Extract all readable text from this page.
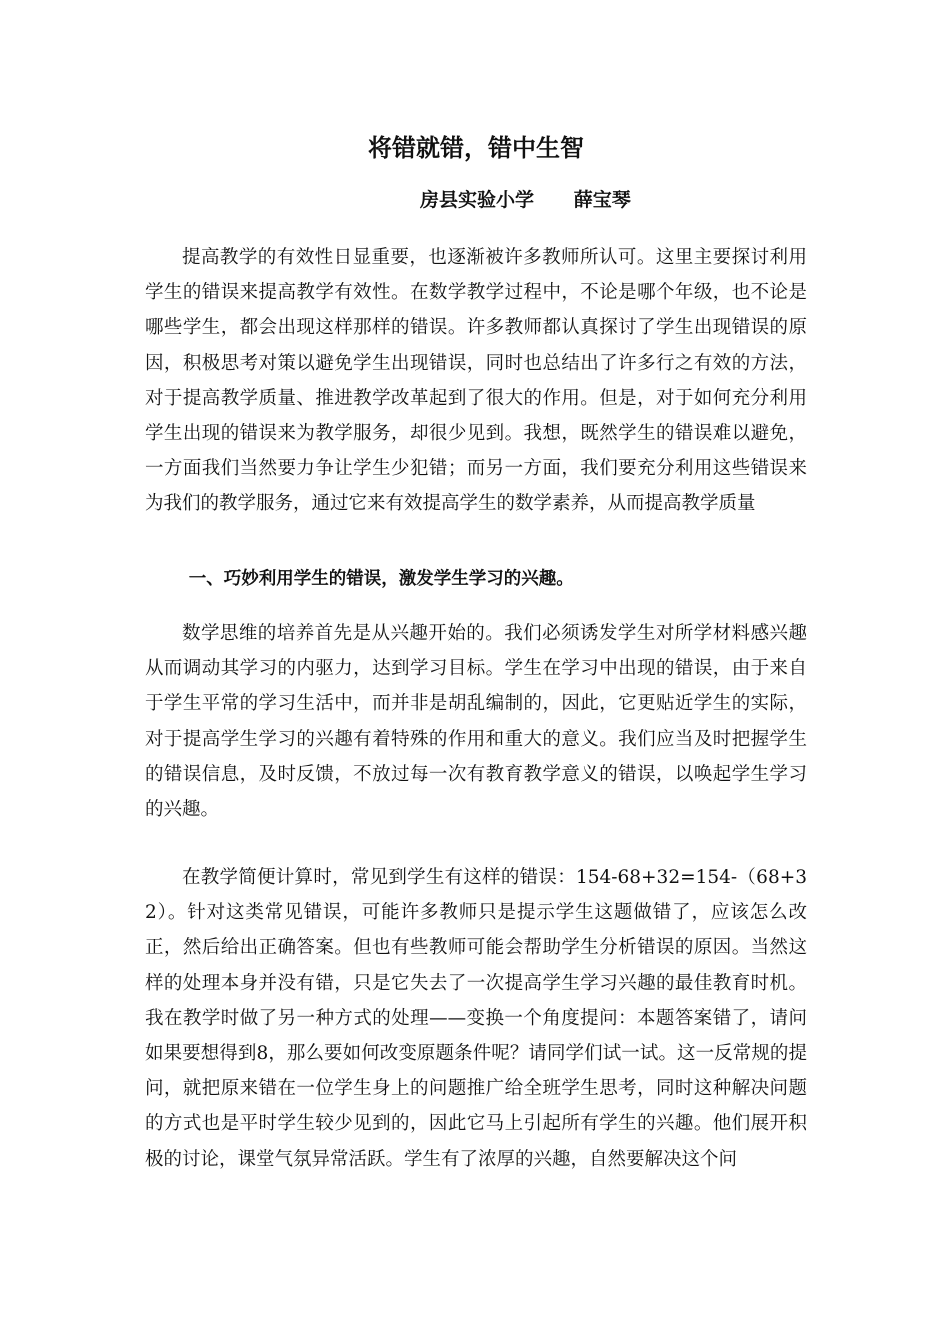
将错就错，错中生智

房县实验小学      薛宝琴

提高教学的有效性日显重要，也逐渐被许多教师所认可。这里主要探讨利用学生的错误来提高教学有效性。在数学教学过程中，不论是哪个年级，也不论是哪些学生，都会出现这样那样的错误。许多教师都认真探讨了学生出现错误的原因，积极思考对策以避免学生出现错误，同时也总结出了许多行之有效的方法，对于提高教学质量、推进教学改革起到了很大的作用。但是，对于如何充分利用学生出现的错误来为教学服务，却很少见到。我想，既然学生的错误难以避免，一方面我们当然要力争让学生少犯错；而另一方面，我们要充分利用这些错误来为我们的教学服务，通过它来有效提高学生的数学素养，从而提高教学质量

一、巧妙利用学生的错误，激发学生学习的兴趣。

数学思维的培养首先是从兴趣开始的。我们必须诱发学生对所学材料感兴趣从而调动其学习的内驱力，达到学习目标。学生在学习中出现的错误，由于来自于学生平常的学习生活中，而并非是胡乱编制的，因此，它更贴近学生的实际，对于提高学生学习的兴趣有着特殊的作用和重大的意义。我们应当及时把握学生的错误信息，及时反馈，不放过每一次有教育教学意义的错误，以唤起学生学习的兴趣。

在教学简便计算时，常见到学生有这样的错误：154-68+32=154-（68+32）。针对这类常见错误，可能许多教师只是提示学生这题做错了，应该怎么改正，然后给出正确答案。但也有些教师可能会帮助学生分析错误的原因。当然这样的处理本身并没有错，只是它失去了一次提高学生学习兴趣的最佳教育时机。我在教学时做了另一种方式的处理——变换一个角度提问：本题答案错了，请问如果要想得到8，那么要如何改变原题条件呢？请同学们试一试。这一反常规的提问，就把原来错在一位学生身上的问题推广给全班学生思考，同时这种解决问题的方式也是平时学生较少见到的，因此它马上引起所有学生的兴趣。他们展开积极的讨论，课堂气氛异常活跃。学生有了浓厚的兴趣，自然要解决这个问
